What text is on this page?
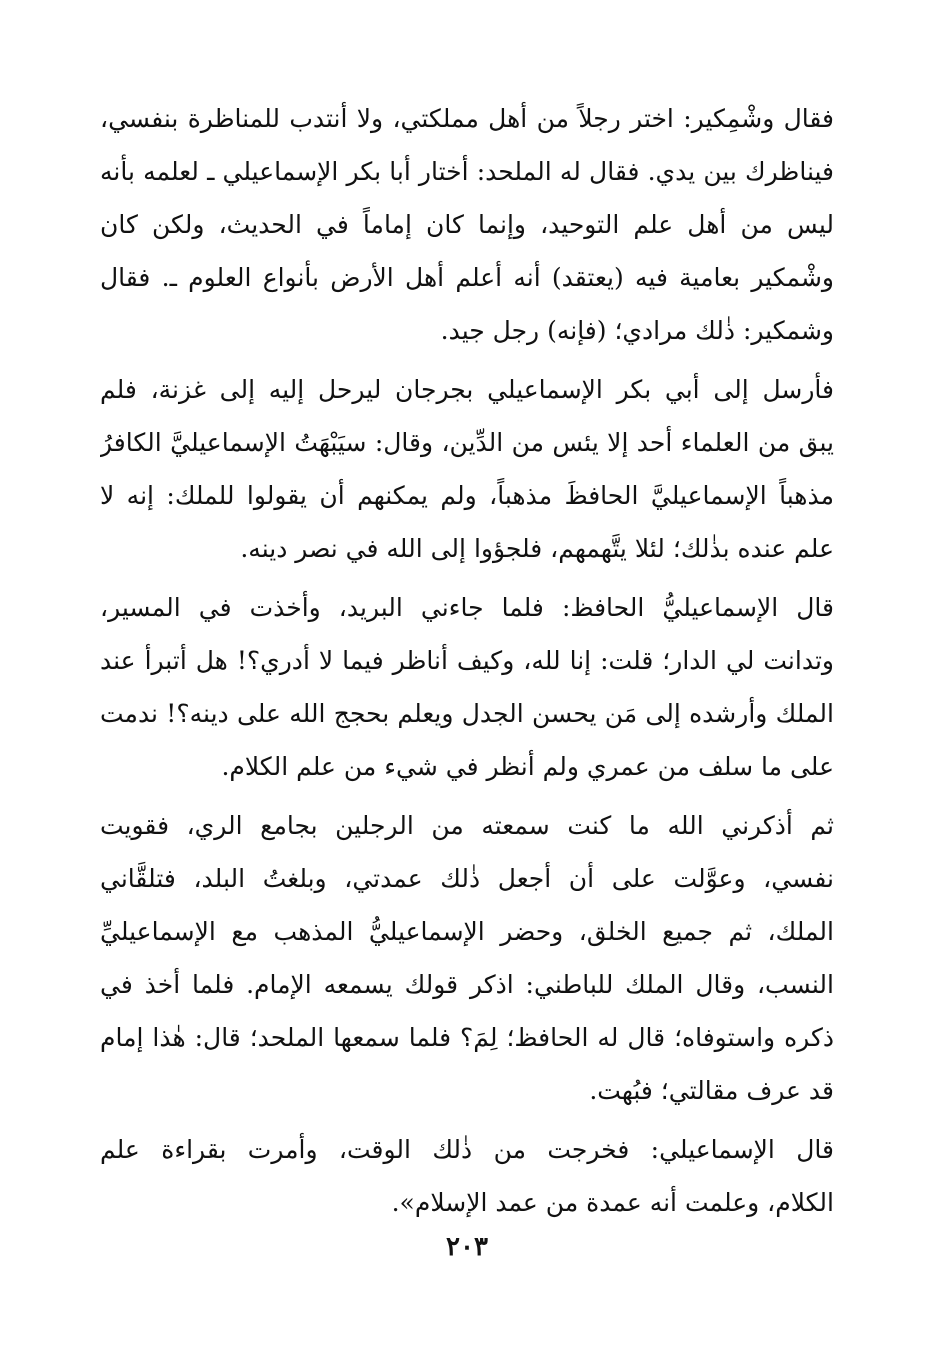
فقال وشْمِكير: اختر رجلاً من أهل مملكتي، ولا أنتدب للمناظرة بنفسي،
فيناظرك بين يدي. فقال له الملحد: أختار أبا بكر الإسماعيلي ـ لعلمه بأنه
ليس من أهل علم التوحيد، وإنما كان إماماً في الحديث، ولكن كان
وشْمكير بعامية فيه (يعتقد) أنه أعلم أهل الأرض بأنواع العلوم ـ. فقال
وشمكير: ذٰلك مرادي؛ (فإنه) رجل جيد.
فأرسل إلى أبي بكر الإسماعيلي بجرجان ليرحل إليه إلى غزنة، فلم
يبق من العلماء أحد إلا يئس من الدِّين، وقال: سيَبْهَتُ الإسماعيليَّ الكافرُ
مذهباً الإسماعيليَّ الحافظَ مذهباً، ولم يمكنهم أن يقولوا للملك: إنه لا
علم عنده بذٰلك؛ لئلا يتَّهمهم، فلجؤوا إلى الله في نصر دينه.
قال الإسماعيليُّ الحافظ: فلما جاءني البريد، وأخذت في المسير،
وتدانت لي الدار؛ قلت: إنا لله، وكيف أناظر فيما لا أدري؟! هل أتبرأ عند
الملك وأرشده إلى مَن يحسن الجدل ويعلم بحجج الله على دينه؟! ندمت
على ما سلف من عمري ولم أنظر في شيء من علم الكلام.
ثم أذكرني الله ما كنت سمعته من الرجلين بجامع الري، فقويت
نفسي، وعوَّلت على أن أجعل ذٰلك عمدتي، وبلغتُ البلد، فتلقَّاني
الملك، ثم جميع الخلق، وحضر الإسماعيليُّ المذهب مع الإسماعيليِّ
النسب، وقال الملك للباطني: اذكر قولك يسمعه الإمام. فلما أخذ في
ذكره واستوفاه؛ قال له الحافظ؛ لِمَ؟ فلما سمعها الملحد؛ قال: هٰذا إمام
قد عرف مقالتي؛ فبُهت.
قال الإسماعيلي: فخرجت من ذٰلك الوقت، وأمرت بقراءة علم
الكلام، وعلمت أنه عمدة من عمد الإسلام».
٢٠٣
